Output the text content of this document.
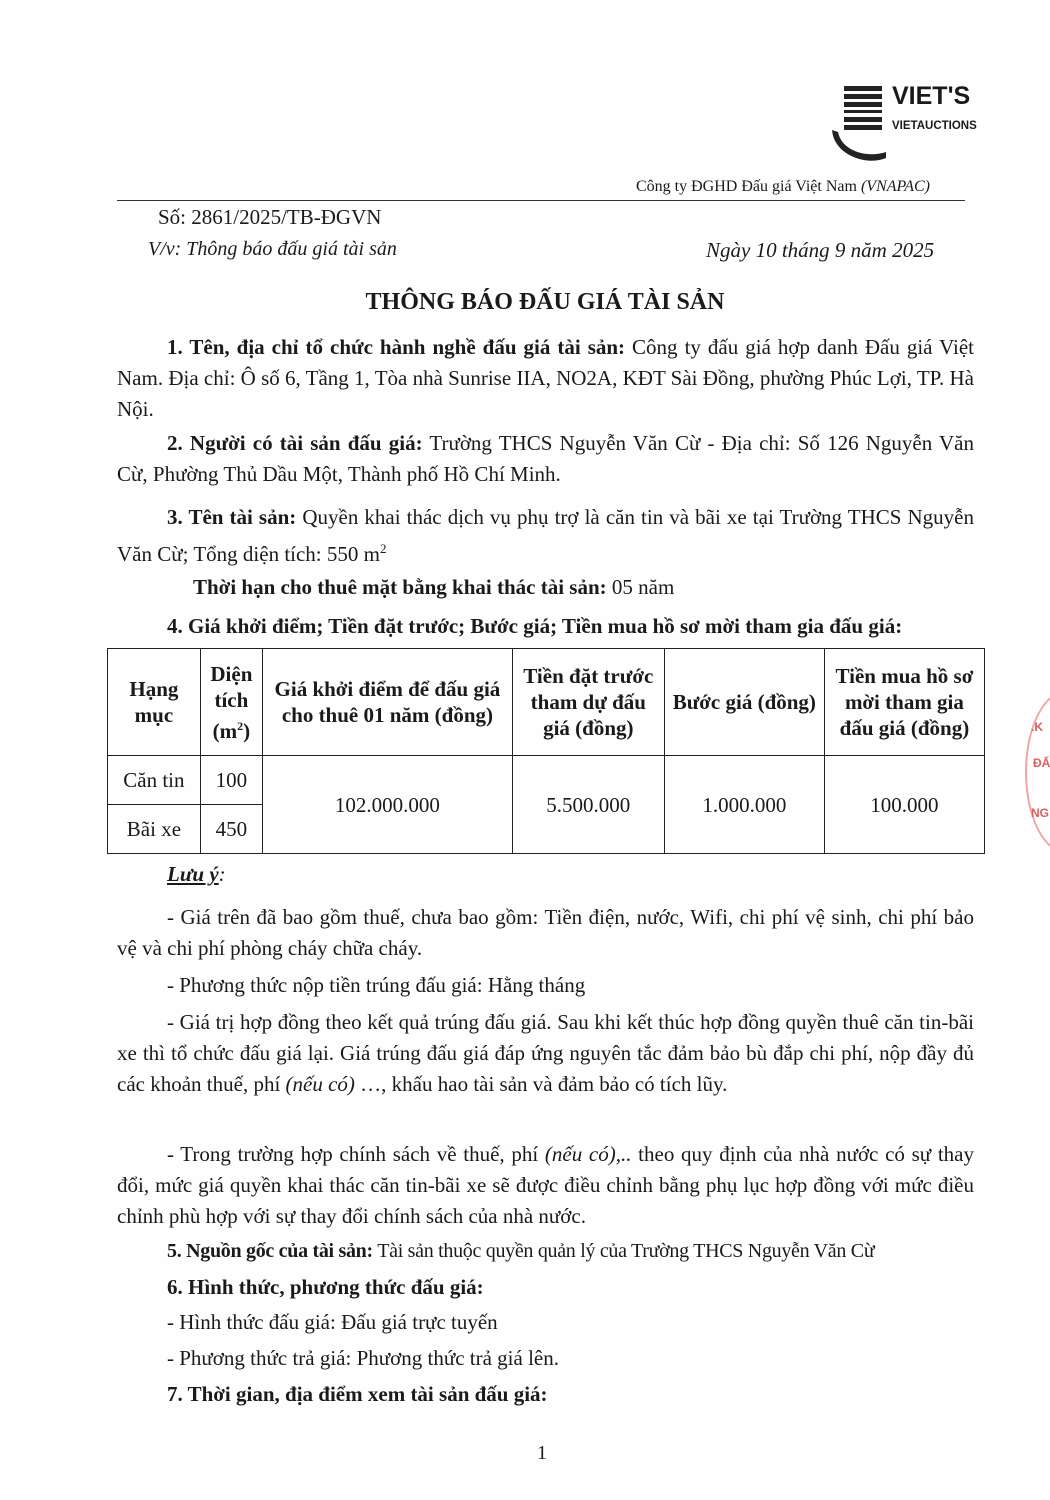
VIET'S
VIETAUCTIONS
Công ty ĐGHD Đấu giá Việt Nam (VNAPAC)
Số: 2861/2025/TB-ĐGVN
V/v: Thông báo đấu giá tài sản	Ngày 10 tháng 9 năm 2025
THÔNG BÁO ĐẤU GIÁ TÀI SẢN
1. Tên, địa chỉ tổ chức hành nghề đấu giá tài sản: Công ty đấu giá hợp danh Đấu giá Việt Nam. Địa chỉ: Ô số 6, Tầng 1, Tòa nhà Sunrise IIA, NO2A, KĐT Sài Đồng, phường Phúc Lợi, TP. Hà Nội.
2. Người có tài sản đấu giá: Trường THCS Nguyễn Văn Cừ - Địa chỉ: Số 126 Nguyễn Văn Cừ, Phường Thủ Dầu Một, Thành phố Hồ Chí Minh.
3. Tên tài sản: Quyền khai thác dịch vụ phụ trợ là căn tin và bãi xe tại Trường THCS Nguyễn Văn Cừ; Tổng diện tích: 550 $m^2$
Thời hạn cho thuê mặt bằng khai thác tài sản: 05 năm
4. Giá khởi điểm; Tiền đặt trước; Bước giá; Tiền mua hồ sơ mời tham gia đấu giá:
Hạng mục	Diện tích $(m^2)$	Giá khởi điểm để đấu giá cho thuê 01 năm (đồng)	Tiền đặt trước tham dự đấu giá (đồng)	Bước giá (đồng)	Tiền mua hồ sơ mời tham gia đấu giá (đồng)
Căn tin	100	102.000.000	5.500.000	1.000.000	100.000
Bãi xe	450				
Lưu ý:
- Giá trên đã bao gồm thuế, chưa bao gồm: Tiền điện, nước, Wifi, chi phí vệ sinh, chi phí bảo vệ và chi phí phòng cháy chữa cháy.
- Phương thức nộp tiền trúng đấu giá: Hằng tháng
- Giá trị hợp đồng theo kết quả trúng đấu giá. Sau khi kết thúc hợp đồng quyền thuê căn tin-bãi xe thì tổ chức đấu giá lại. Giá trúng đấu giá đáp ứng nguyên tắc đảm bảo bù đắp chi phí, nộp đầy đủ các khoản thuế, phí (nếu có) …, khấu hao tài sản và đảm bảo có tích lũy.
- Trong trường hợp chính sách về thuế, phí (nếu có),.. theo quy định của nhà nước có sự thay đổi, mức giá quyền khai thác căn tin-bãi xe sẽ được điều chỉnh bằng phụ lục hợp đồng với mức điều chỉnh phù hợp với sự thay đổi chính sách của nhà nước.
5. Nguồn gốc của tài sản: Tài sản thuộc quyền quản lý của Trường THCS Nguyễn Văn Cừ
6. Hình thức, phương thức đấu giá:
- Hình thức đấu giá: Đấu giá trực tuyến
- Phương thức trả giá: Phương thức trả giá lên.
7. Thời gian, địa điểm xem tài sản đấu giá:
1
.K
ĐẤ
NG
